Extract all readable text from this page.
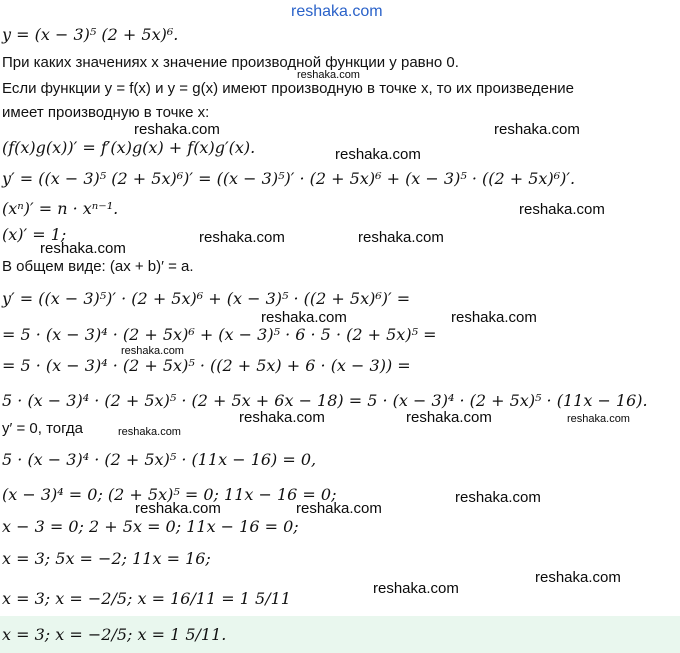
y = (x − 3)⁵ (2 + 5x)⁶.
При каких значениях x значение производной функции y равно 0.
Если функции y = f(x) и y = g(x) имеют производную в точке x, то их произведение
имеет производную в точке x:
(f(x)g(x))′ = f′(x)g(x) + f(x)g′(x).
y′ = ((x − 3)⁵ (2 + 5x)⁶)′ = ((x − 3)⁵)′ · (2 + 5x)⁶ + (x − 3)⁵ · ((2 + 5x)⁶)′.
(xⁿ)′ = n · xⁿ⁻¹.
(x)′ = 1;
В общем виде: (ax + b)′ = a.
y′ = ((x − 3)⁵)′ · (2 + 5x)⁶ + (x − 3)⁵ · ((2 + 5x)⁶)′ =
= 5 · (x − 3)⁴ · (2 + 5x)⁶ + (x − 3)⁵ · 6 · 5 · (2 + 5x)⁵ =
= 5 · (x − 3)⁴ · (2 + 5x)⁵ · ((2 + 5x) + 6 · (x − 3)) =
5 · (x − 3)⁴ · (2 + 5x)⁵ · (2 + 5x + 6x − 18) = 5 · (x − 3)⁴ · (2 + 5x)⁵ · (11x − 16).
y′ = 0, тогда
5 · (x − 3)⁴ · (2 + 5x)⁵ · (11x − 16) = 0,
(x − 3)⁴ = 0; (2 + 5x)⁵ = 0; 11x − 16 = 0;
x − 3 = 0; 2 + 5x = 0; 11x − 16 = 0;
x = 3; 5x = −2; 11x = 16;
x = 3; x = −2/5; x = 16/11 = 1 5/11
x = 3; x = −2/5; x = 1 5/11.
reshaka.com
reshaka.com
reshaka.com	reshaka.com
reshaka.com
reshaka.com
reshaka.com
reshaka.com	reshaka.com
reshaka.com	reshaka.com
reshaka.com
reshaka.com	reshaka.com	reshaka.com
reshaka.com
reshaka.com
reshaka.com	reshaka.com
reshaka.com
reshaka.com
